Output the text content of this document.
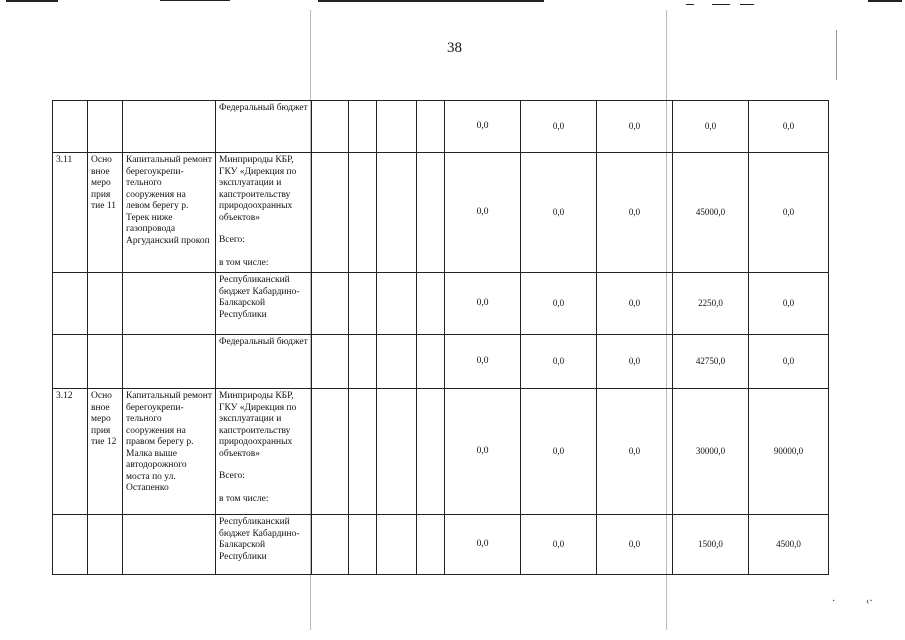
·	‹·
38

			Федеральный бюджет					0,0	0,0	0,0	0,0	0,0
3.11	Осно вное меро прия тие 11	Капитальный ремонт берегоукрепи-тельного сооружения на левом берегу р. Терек ниже газопровода Аргуданский прокоп	Минприроды КБР, ГКУ «Дирекция по эксплуатации и капстроительству природоохранных объектов»
Всего:
в том числе:					0,0	0,0	0,0	45000,0	0,0

			Республиканский бюджет Кабардино-Балкарской Республики					0,0	0,0	0,0	2250,0	0,0

			Федеральный бюджет					0,0	0,0	0,0	42750,0	0,0
3.12	Осно вное меро прия тие 12	Капитальный ремонт берегоукрепи-тельного сооружения на правом берегу р. Малка выше автодорожного моста по ул. Остапенко	Минприроды КБР, ГКУ «Дирекция по эксплуатации и капстроительству природоохранных объектов»
Всего:
в том числе:					0,0	0,0	0,0	30000,0	90000,0

			Республиканский бюджет Кабардино-Балкарской Республики					0,0	0,0	0,0	1500,0	4500,0
